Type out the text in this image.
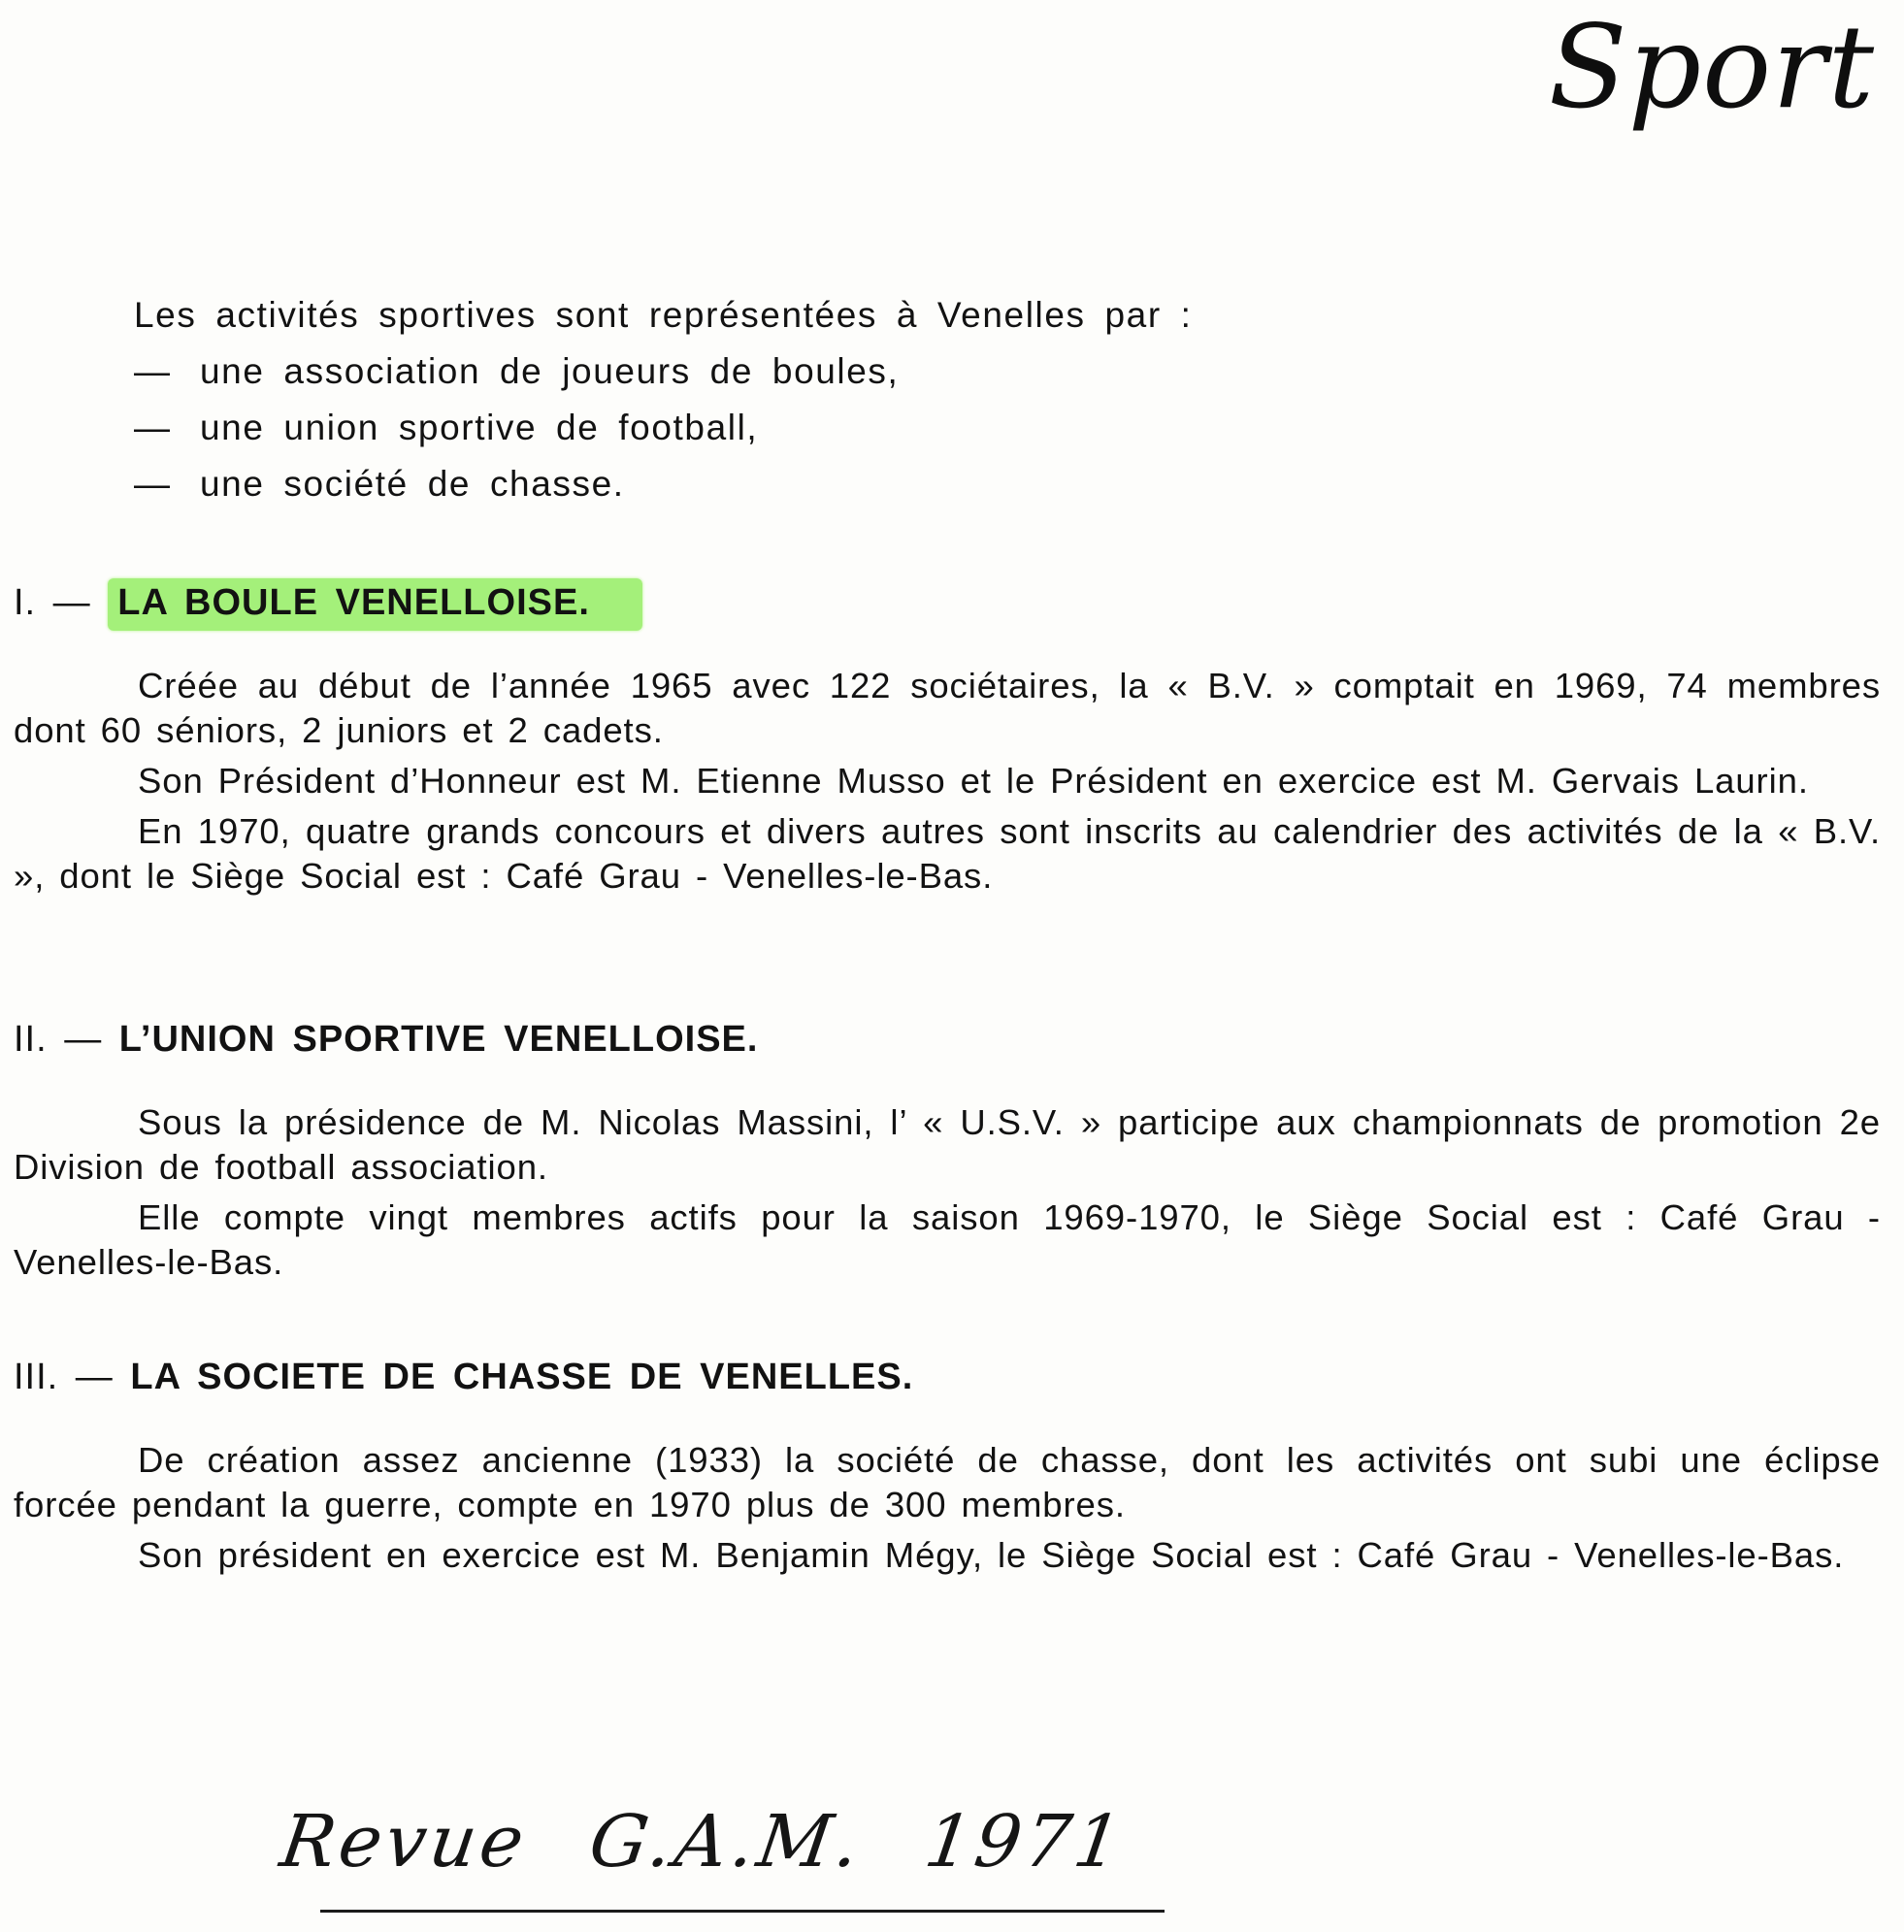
Sport
Les activités sportives sont représentées à Venelles par :
— une association de joueurs de boules,
— une union sportive de football,
— une société de chasse.
I. — LA BOULE VENELLOISE.

Créée au début de l’année 1965 avec 122 sociétaires, la « B.V. » comptait en 1969, 74 membres dont 60 séniors, 2 juniors et 2 cadets.

Son Président d’Honneur est M. Etienne Musso et le Président en exercice est M. Gervais Laurin.

En 1970, quatre grands concours et divers autres sont inscrits au calendrier des activités de la « B.V. », dont le Siège Social est : Café Grau - Venelles-le-Bas.

II. — L’UNION SPORTIVE VENELLOISE.

Sous la présidence de M. Nicolas Massini, l’ « U.S.V. » participe aux championnats de promotion 2e Division de football association.

Elle compte vingt membres actifs pour la saison 1969-1970, le Siège Social est : Café Grau - Venelles-le-Bas.

III. — LA SOCIETE DE CHASSE DE VENELLES.

De création assez ancienne (1933) la société de chasse, dont les activités ont subi une éclipse forcée pendant la guerre, compte en 1970 plus de 300 membres.

Son président en exercice est M. Benjamin Mégy, le Siège Social est : Café Grau - Venelles-le-Bas.

Revue G.A.M. 1971
